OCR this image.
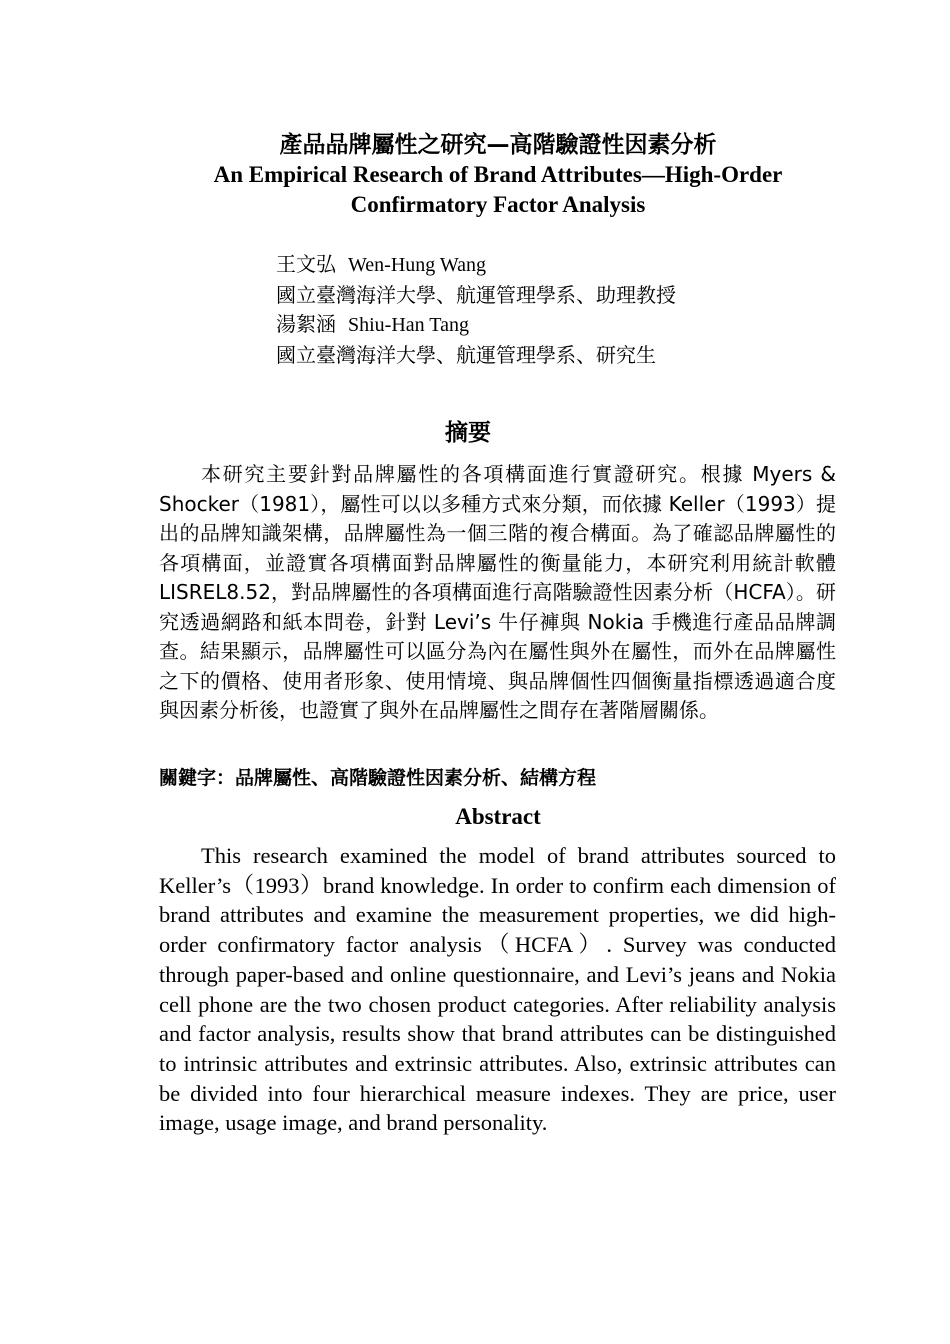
產品品牌屬性之研究—高階驗證性因素分析
An Empirical Research of Brand Attributes—High-Order Confirmatory Factor Analysis
王文弘 Wen-Hung Wang
國立臺灣海洋大學、航運管理學系、助理教授
湯絮涵 Shiu-Han Tang
國立臺灣海洋大學、航運管理學系、研究生
摘要
本研究主要針對品牌屬性的各項構面進行實證研究。根據 Myers & Shocker（1981），屬性可以以多種方式來分類，而依據 Keller（1993）提出的品牌知識架構，品牌屬性為一個三階的複合構面。為了確認品牌屬性的各項構面，並證實各項構面對品牌屬性的衡量能力，本研究利用統計軟體 LISREL8.52，對品牌屬性的各項構面進行高階驗證性因素分析（HCFA）。研究透過網路和紙本問卷，針對 Levi’s 牛仔褲與 Nokia 手機進行產品品牌調查。結果顯示，品牌屬性可以區分為內在屬性與外在屬性，而外在品牌屬性之下的價格、使用者形象、使用情境、與品牌個性四個衡量指標透過適合度與因素分析後，也證實了與外在品牌屬性之間存在著階層關係。
關鍵字：品牌屬性、高階驗證性因素分析、結構方程
Abstract
This research examined the model of brand attributes sourced to Keller’s（1993）brand knowledge. In order to confirm each dimension of brand attributes and examine the measurement properties, we did high-order confirmatory factor analysis（HCFA）. Survey was conducted through paper-based and online questionnaire, and Levi’s jeans and Nokia cell phone are the two chosen product categories. After reliability analysis and factor analysis, results show that brand attributes can be distinguished to intrinsic attributes and extrinsic attributes. Also, extrinsic attributes can be divided into four hierarchical measure indexes. They are price, user image, usage image, and brand personality.
